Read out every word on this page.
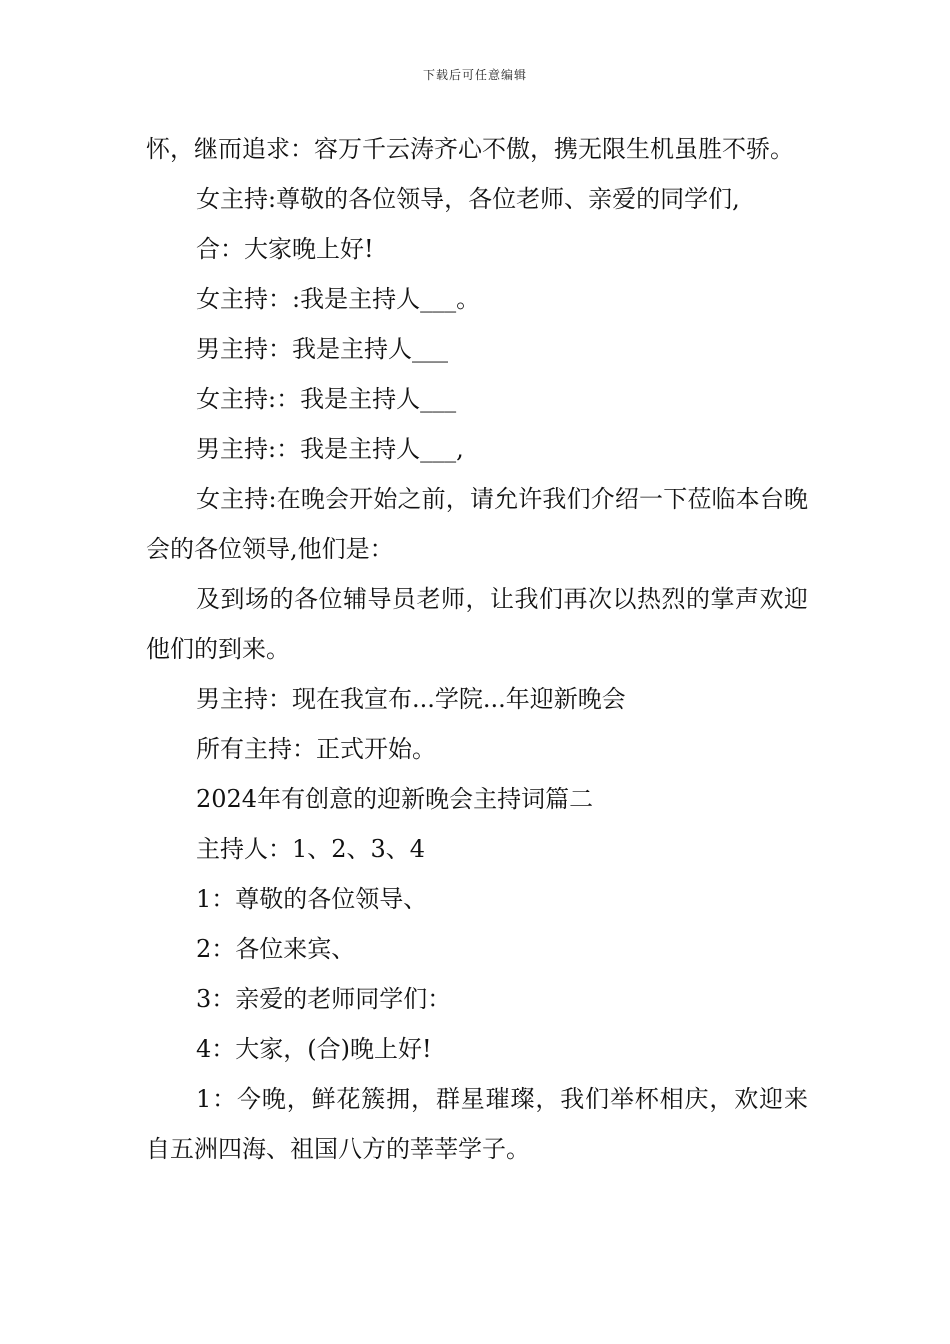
下载后可任意编辑

怀，继而追求：容万千云涛齐心不傲，携无限生机虽胜不骄。

女主持:尊敬的各位领导，各位老师、亲爱的同学们,

合：大家晚上好!

女主持：:我是主持人___。

男主持：我是主持人___

女主持:：我是主持人___

男主持:：我是主持人___,

女主持:在晚会开始之前，请允许我们介绍一下莅临本台晚会的各位领导,他们是：

及到场的各位辅导员老师，让我们再次以热烈的掌声欢迎他们的到来。

男主持：现在我宣布...学院...年迎新晚会

所有主持：正式开始。

2024年有创意的迎新晚会主持词篇二

主持人：1、2、3、4

1：尊敬的各位领导、

2：各位来宾、

3：亲爱的老师同学们：

4：大家，(合)晚上好!

1：今晚，鲜花簇拥，群星璀璨，我们举杯相庆，欢迎来自五洲四海、祖国八方的莘莘学子。
